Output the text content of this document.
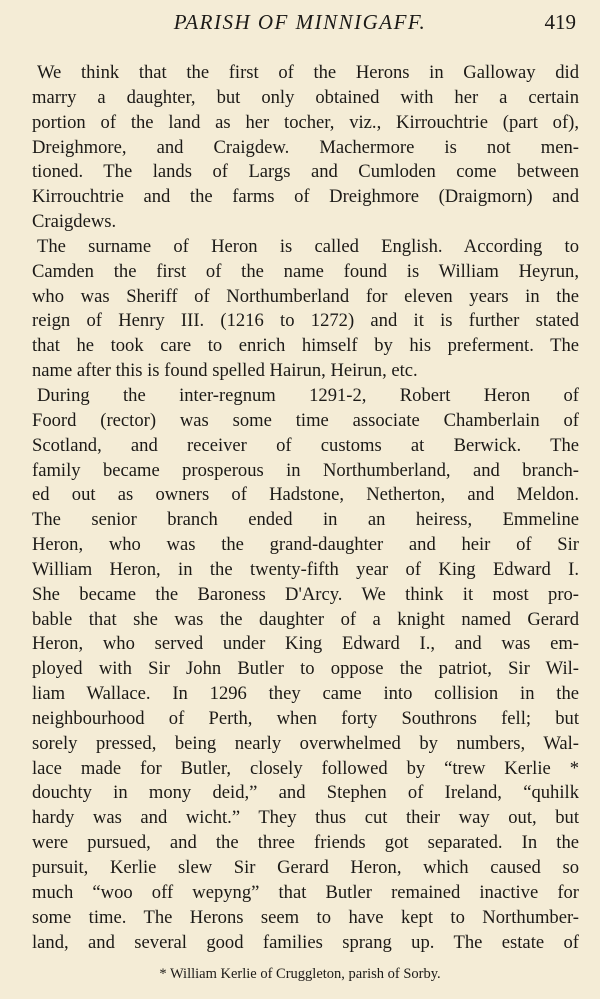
PARISH OF MINNIGAFF.	419
We think that the first of the Herons in Galloway did
marry a daughter, but only obtained with her a certain
portion of the land as her tocher, viz., Kirrouchtrie (part of),
Dreighmore, and Craigdew. Machermore is not men-
tioned. The lands of Largs and Cumloden come between
Kirrouchtrie and the farms of Dreighmore (Draigmorn) and
Craigdews.
The surname of Heron is called English. According to
Camden the first of the name found is William Heyrun,
who was Sheriff of Northumberland for eleven years in the
reign of Henry III. (1216 to 1272) and it is further stated
that he took care to enrich himself by his preferment. The
name after this is found spelled Hairun, Heirun, etc.
During the inter-regnum 1291-2, Robert Heron of
Foord (rector) was some time associate Chamberlain of
Scotland, and receiver of customs at Berwick. The
family became prosperous in Northumberland, and branch-
ed out as owners of Hadstone, Netherton, and Meldon.
The senior branch ended in an heiress, Emmeline
Heron, who was the grand-daughter and heir of Sir
William Heron, in the twenty-fifth year of King Edward I.
She became the Baroness D'Arcy. We think it most pro-
bable that she was the daughter of a knight named Gerard
Heron, who served under King Edward I., and was em-
ployed with Sir John Butler to oppose the patriot, Sir Wil-
liam Wallace. In 1296 they came into collision in the
neighbourhood of Perth, when forty Southrons fell; but
sorely pressed, being nearly overwhelmed by numbers, Wal-
lace made for Butler, closely followed by “trew Kerlie *
douchty in mony deid,” and Stephen of Ireland, “quhilk
hardy was and wicht.” They thus cut their way out, but
were pursued, and the three friends got separated. In the
pursuit, Kerlie slew Sir Gerard Heron, which caused so
much “woo off wepyng” that Butler remained inactive for
some time. The Herons seem to have kept to Northumber-
land, and several good families sprang up. The estate of
* William Kerlie of Cruggleton, parish of Sorby.
